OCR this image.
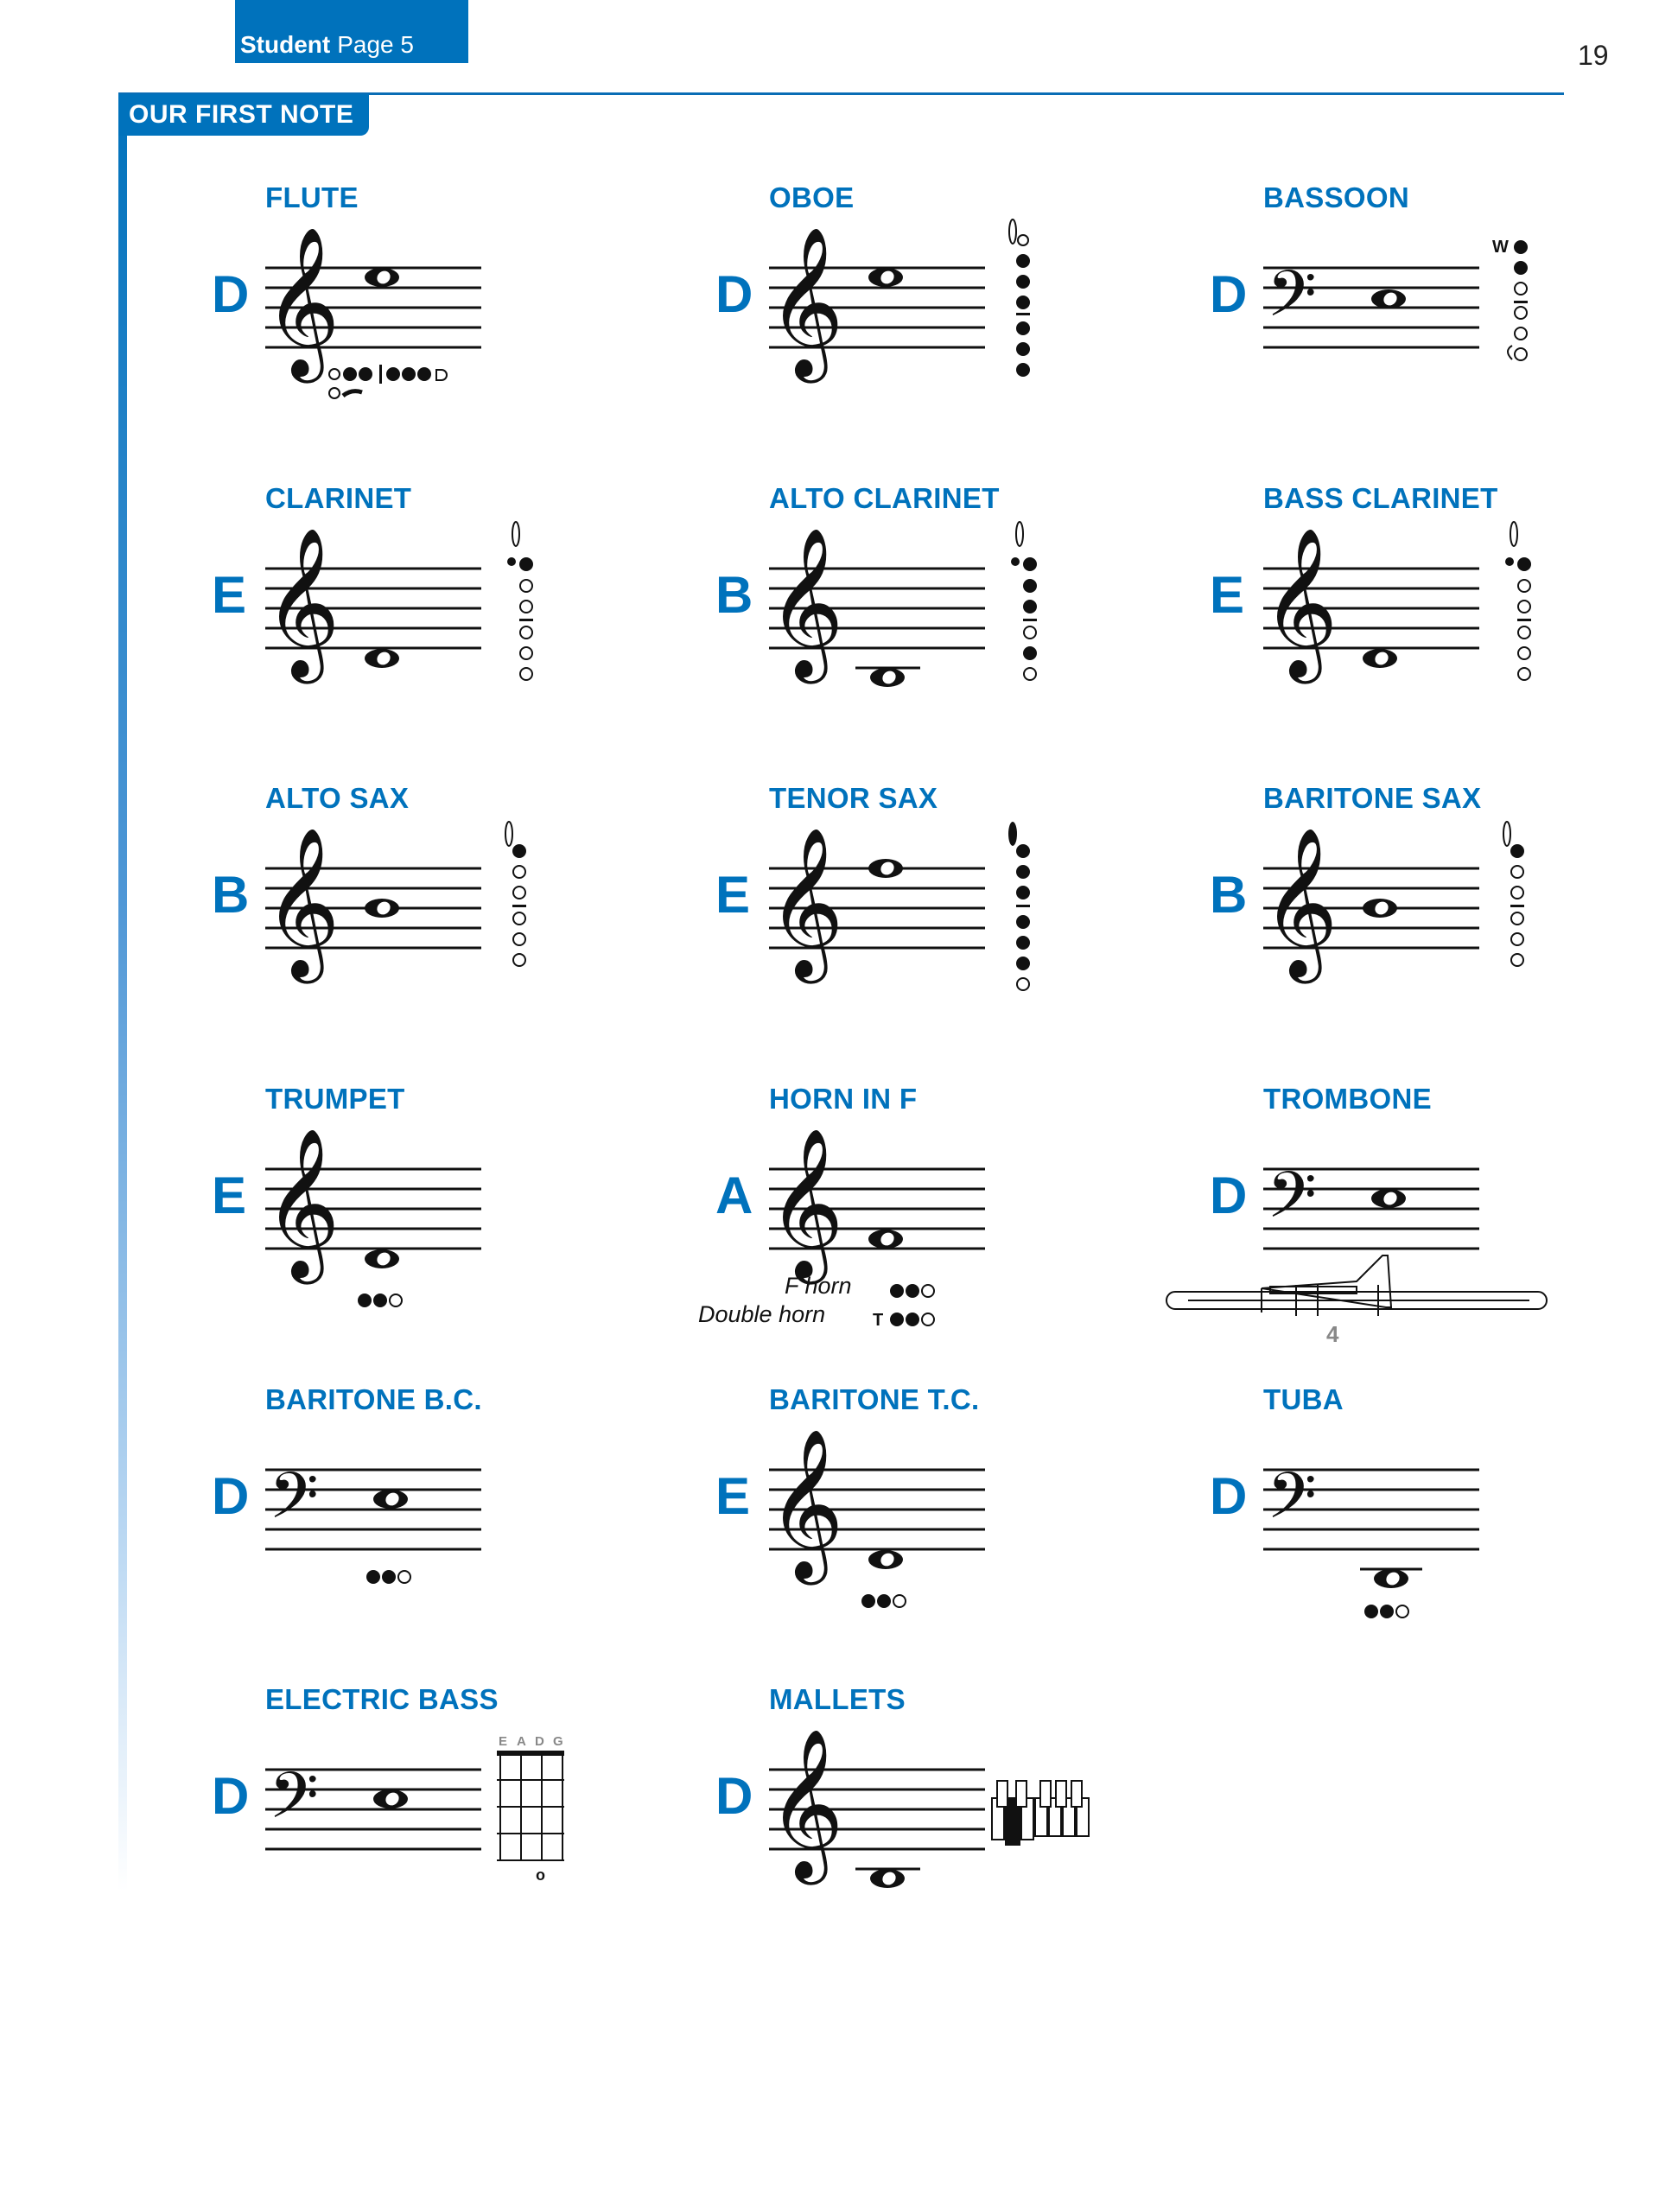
Student Page 5	19
OUR FIRST NOTE
FLUTE
D
OBOE
D
BASSOON
D
W
CLARINET
E
ALTO CLARINET
B
BASS CLARINET
E
ALTO SAX
B
TENOR SAX
E
BARITONE SAX
B
TRUMPET
E
HORN IN F
A
T
F horn
Double horn
TROMBONE
D
4
BARITONE B.C.
D
BARITONE T.C.
E
TUBA
D
ELECTRIC BASS
D
E A D G
o
MALLETS
D
